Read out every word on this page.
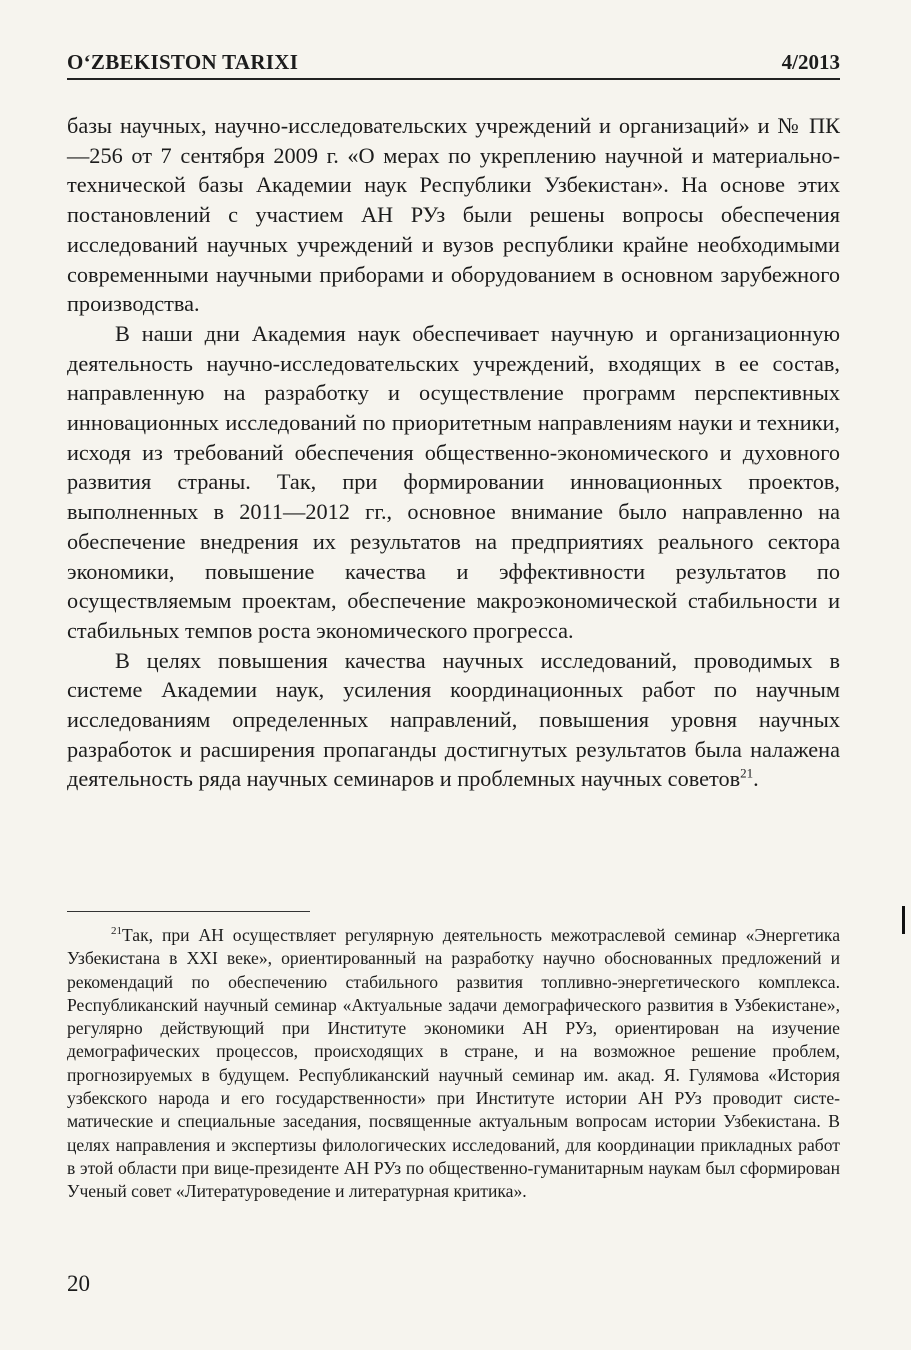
O‘ZBEKISTON TARIXI	4/2013

базы научных, научно-исследовательских учреждений и организаций» и № ПК—256 от 7 сентября 2009 г. «О мерах по укреплению научной и материально-технической базы Академии наук Республики Узбекистан». На основе этих постановлений с участием АН РУз были решены вопросы обеспечения исследований научных учреждений и вузов республики крайне необходимыми современными научными приборами и оборудованием в основном зарубежного производства.

В наши дни Академия наук обеспечивает научную и организационную деятельность научно-исследовательских учреждений, входящих в ее состав, направленную на разработку и осуществление программ перспективных инновационных исследований по приоритетным направлениям науки и техники, исходя из требований обеспечения общественно-экономического и духовного развития страны. Так, при формировании инновационных проектов, выполненных в 2011—2012 гг., основное внимание было направленно на обеспечение внедрения их результатов на предприятиях реального сектора экономики, повышение качества и эффективности результатов по осуществляемым проектам, обеспечение макроэкономической стабильности и стабильных темпов роста экономического прогресса.

В целях повышения качества научных исследований, проводимых в системе Академии наук, усиления координационных работ по научным исследованиям определенных направлений, повышения уровня научных разработок и расширения пропаганды достигнутых результатов была налажена деятельность ряда научных семинаров и проблемных научных советов$^{21}$.

$^{21}$Так, при АН осуществляет регулярную деятельность межотраслевой семинар «Энергетика Узбекистана в XXI веке», ориентированный на разработку научно обоснованных предложений и рекомендаций по обеспечению стабильного развития топливно-энергетического комплекса. Республиканский научный семинар «Актуальные задачи демографического развития в Узбекистане», регулярно действующий при Институте экономики АН РУз, ориентирован на изучение демографических процессов, происходящих в стране, и на возможное решение проблем, прогнозируемых в будущем. Республиканский научный семинар им. акад. Я. Гулямова «История узбекского народа и его государственности» при Институте истории АН РУз проводит систематические и специальные заседания, посвященные актуальным вопросам истории Узбекистана. В целях направления и экспертизы филологических исследований, для координации прикладных работ в этой области при вице-президенте АН РУз по общественно-гуманитарным наукам был сформирован Ученый совет «Литературоведение и литературная критика».
20
